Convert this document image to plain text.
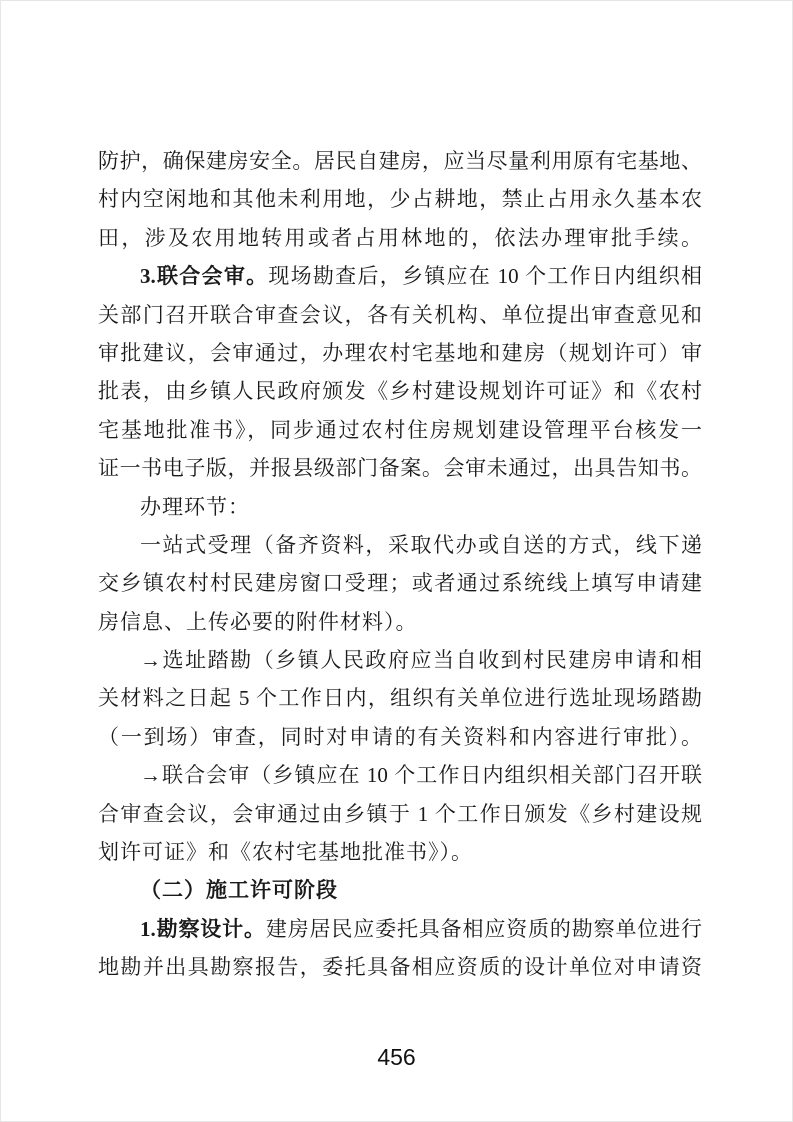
防护，确保建房安全。居民自建房，应当尽量利用原有宅基地、
村内空闲地和其他未利用地，少占耕地，禁止占用永久基本农
田，涉及农用地转用或者占用林地的，依法办理审批手续。
3.联合会审。现场勘查后，乡镇应在 10 个工作日内组织相
关部门召开联合审查会议，各有关机构、单位提出审查意见和
审批建议，会审通过，办理农村宅基地和建房（规划许可）审
批表，由乡镇人民政府颁发《乡村建设规划许可证》和《农村
宅基地批准书》，同步通过农村住房规划建设管理平台核发一
证一书电子版，并报县级部门备案。会审未通过，出具告知书。
办理环节：
一站式受理（备齐资料，采取代办或自送的方式，线下递
交乡镇农村村民建房窗口受理；或者通过系统线上填写申请建
房信息、上传必要的附件材料）。
→选址踏勘（乡镇人民政府应当自收到村民建房申请和相
关材料之日起 5 个工作日内，组织有关单位进行选址现场踏勘
（一到场）审查，同时对申请的有关资料和内容进行审批）。
→联合会审（乡镇应在 10 个工作日内组织相关部门召开联
合审查会议，会审通过由乡镇于 1 个工作日颁发《乡村建设规
划许可证》和《农村宅基地批准书》）。
（二）施工许可阶段
1.勘察设计。建房居民应委托具备相应资质的勘察单位进行
地勘并出具勘察报告，委托具备相应资质的设计单位对申请资
456
